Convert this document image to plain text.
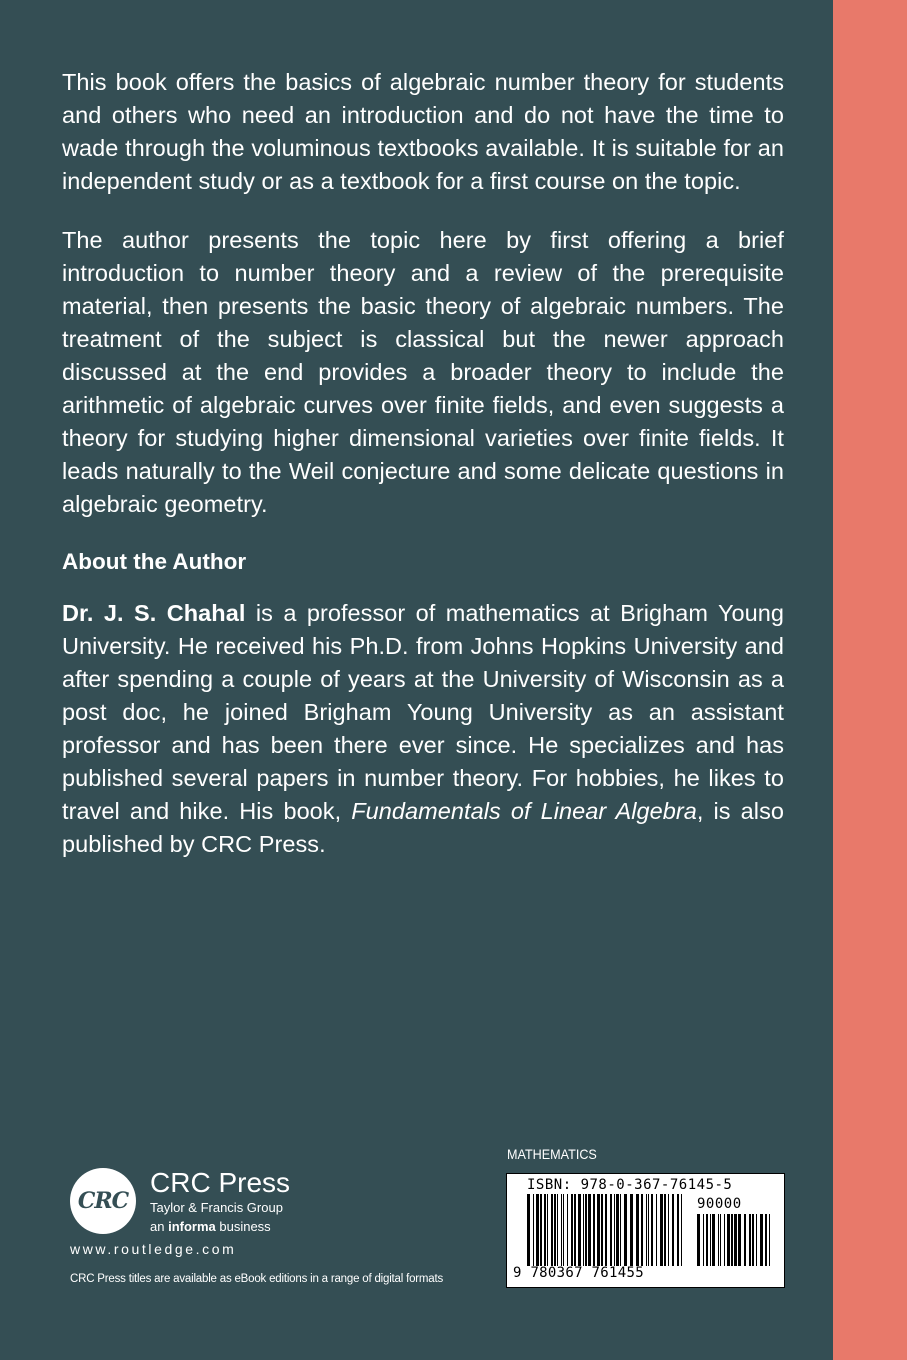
This book offers the basics of algebraic number theory for students and others who need an introduction and do not have the time to wade through the voluminous textbooks available. It is suitable for an independent study or as a textbook for a first course on the topic.

The author presents the topic here by first offering a brief introduction to number theory and a review of the prerequisite material, then presents the basic theory of algebraic numbers. The treatment of the subject is classical but the newer approach discussed at the end provides a broader theory to include the arithmetic of algebraic curves over finite fields, and even suggests a theory for studying higher dimensional varieties over finite fields. It leads naturally to the Weil conjecture and some delicate questions in algebraic geometry.

About the Author

Dr. J. S. Chahal is a professor of mathematics at Brigham Young University. He received his Ph.D. from Johns Hopkins University and after spending a couple of years at the University of Wisconsin as a post doc, he joined Brigham Young University as an assistant professor and has been there ever since. He specializes and has published several papers in number theory. For hobbies, he likes to travel and hike. His book, Fundamentals of Linear Algebra, is also published by CRC Press.

CRC
CRC Press
Taylor & Francis Group
an informa business
www.routledge.com
CRC Press titles are available as eBook editions in a range of digital formats
MATHEMATICS
ISBN: 978-0-367-76145-5
90000
9 780367 761455
